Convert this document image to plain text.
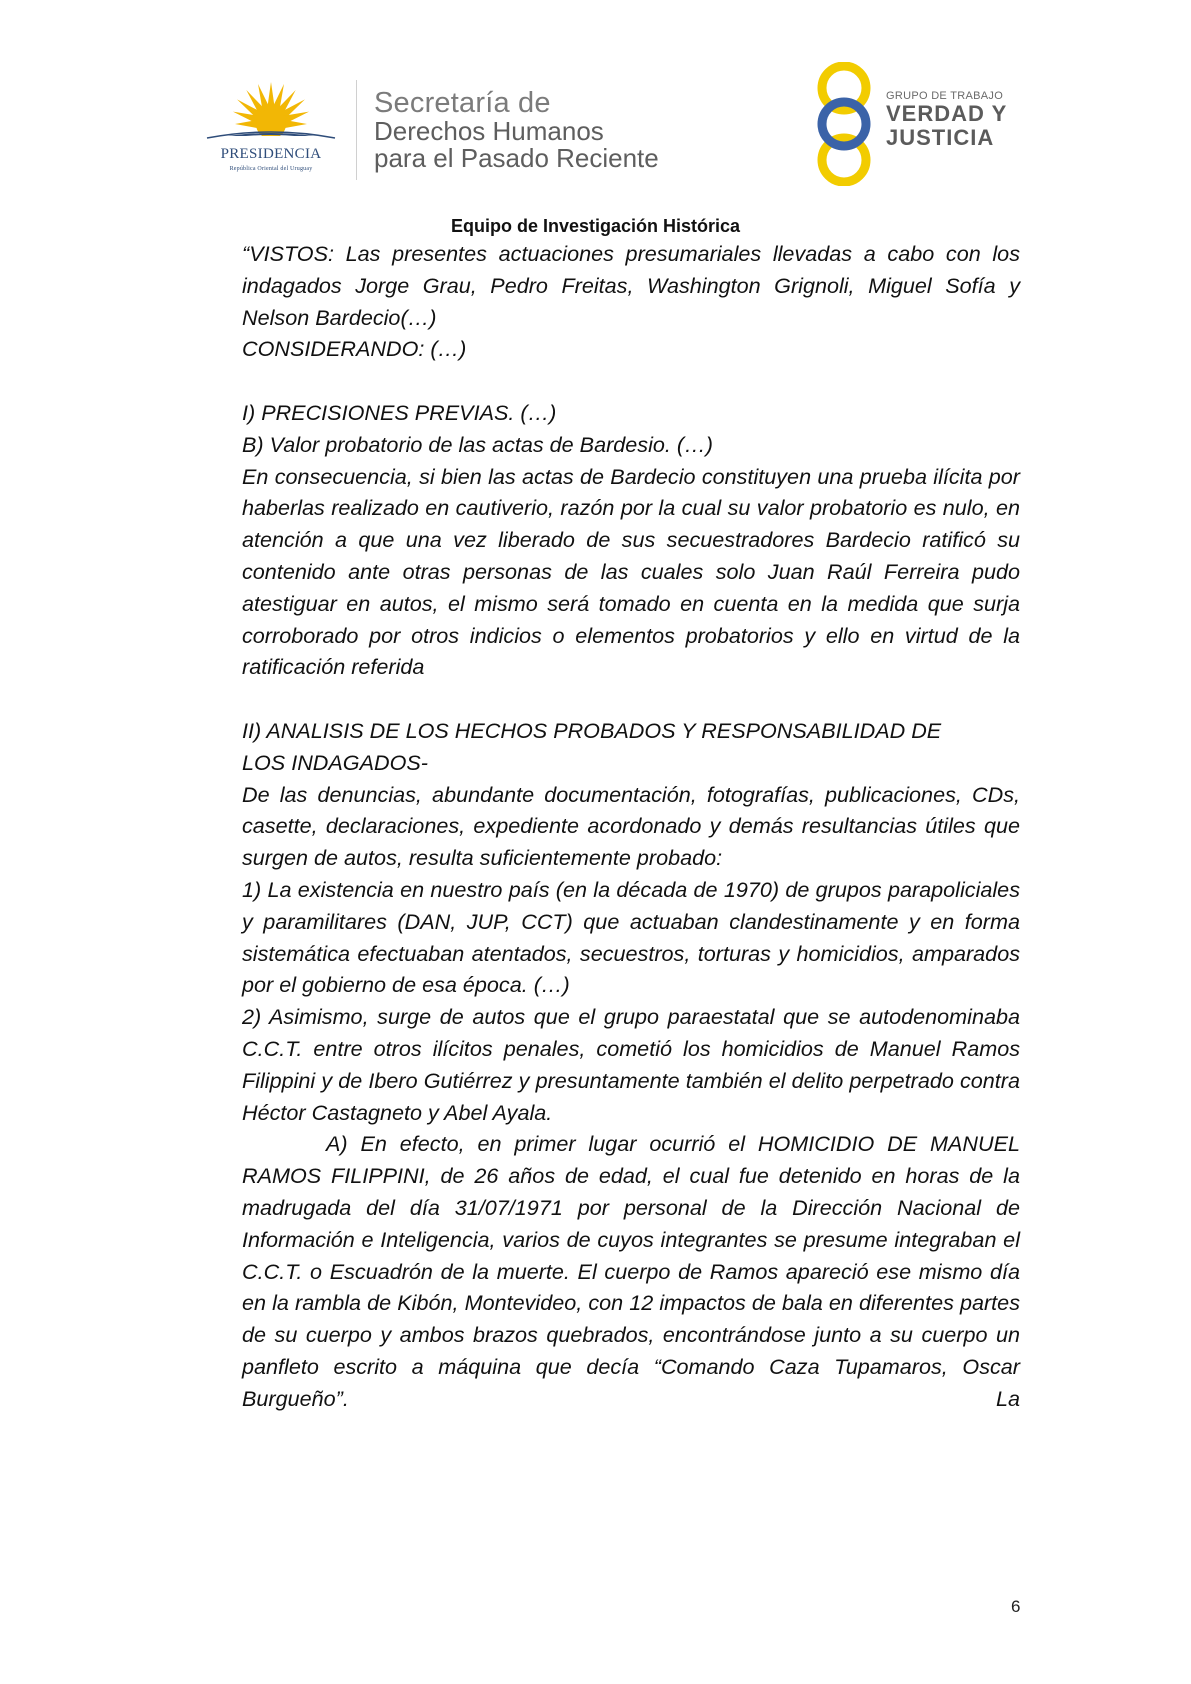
PRESIDENCIA
República Oriental del Uruguay
Secretaría de
Derechos Humanos
para el Pasado Reciente
GRUPO DE TRABAJO
VERDAD Y
JUSTICIA
Equipo de Investigación Histórica

“VISTOS: Las presentes actuaciones presumariales llevadas a cabo con los indagados Jorge Grau, Pedro Freitas, Washington Grignoli, Miguel Sofía y Nelson Bardecio(…)

CONSIDERANDO: (…)

I) PRECISIONES PREVIAS. (…)

B) Valor probatorio de las actas de Bardesio. (…)

En consecuencia, si bien las actas de Bardecio constituyen una prueba ilícita por haberlas realizado en cautiverio, razón por la cual su valor probatorio es nulo, en atención a que una vez liberado de sus secuestradores Bardecio ratificó su contenido ante otras personas de las cuales solo Juan Raúl Ferreira pudo atestiguar en autos, el mismo será tomado en cuenta en la medida que surja corroborado por otros indicios o elementos probatorios y ello en virtud de la ratificación referida

II) ANALISIS DE LOS HECHOS PROBADOS Y RESPONSABILIDAD DE LOS INDAGADOS-

De las denuncias, abundante documentación, fotografías, publicaciones, CDs, casette, declaraciones, expediente acordonado y demás resultancias útiles que surgen de autos, resulta suficientemente probado:

1) La existencia en nuestro país (en la década de 1970) de grupos parapoliciales y paramilitares (DAN, JUP, CCT) que actuaban clandestinamente y en forma sistemática efectuaban atentados, secuestros, torturas y homicidios, amparados por el gobierno de esa época. (…)

2) Asimismo, surge de autos que el grupo paraestatal que se autodenominaba C.C.T. entre otros ilícitos penales, cometió los homicidios de Manuel Ramos Filippini y de Ibero Gutiérrez y presuntamente también el delito perpetrado contra Héctor Castagneto y Abel Ayala.

A) En efecto, en primer lugar ocurrió el HOMICIDIO DE MANUEL RAMOS FILIPPINI, de 26 años de edad, el cual fue detenido en horas de la madrugada del día 31/07/1971 por personal de la Dirección Nacional de Información e Inteligencia, varios de cuyos integrantes se presume integraban el C.C.T. o Escuadrón de la muerte. El cuerpo de Ramos apareció ese mismo día en la rambla de Kibón, Montevideo, con 12 impactos de bala en diferentes partes de su cuerpo y ambos brazos quebrados, encontrándose junto a su cuerpo un panfleto escrito a máquina que decía “Comando Caza Tupamaros, Oscar Burgueño”. La

6
